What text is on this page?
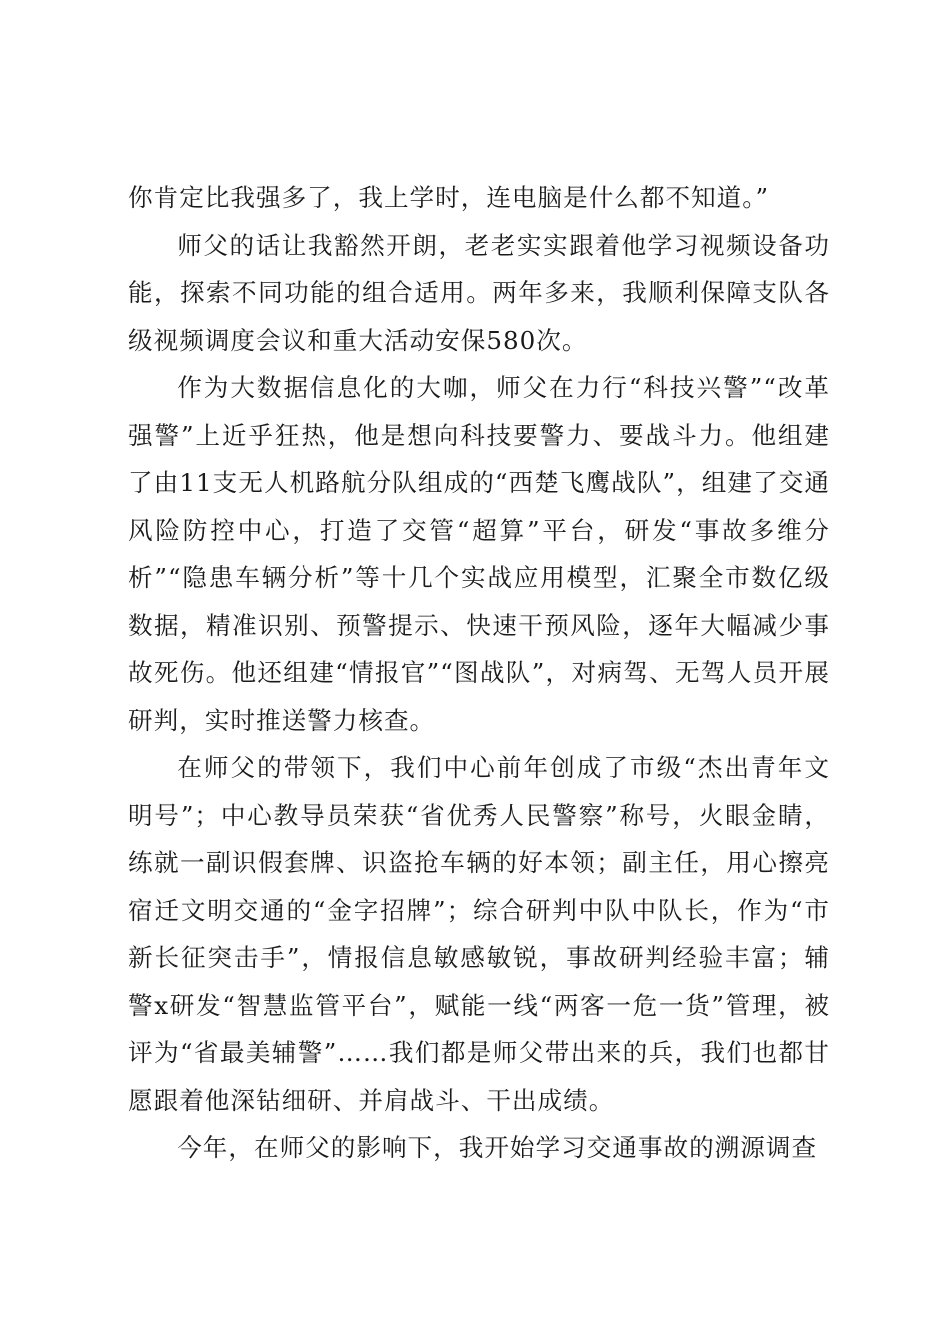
你肯定比我强多了，我上学时，连电脑是什么都不知道。”

师父的话让我豁然开朗，老老实实跟着他学习视频设备功能，探索不同功能的组合适用。两年多来，我顺利保障支队各级视频调度会议和重大活动安保580次。

作为大数据信息化的大咖，师父在力行“科技兴警”“改革强警”上近乎狂热，他是想向科技要警力、要战斗力。他组建了由11支无人机路航分队组成的“西楚飞鹰战队”，组建了交通风险防控中心，打造了交管“超算”平台，研发“事故多维分析”“隐患车辆分析”等十几个实战应用模型，汇聚全市数亿级数据，精准识别、预警提示、快速干预风险，逐年大幅减少事故死伤。他还组建“情报官”“图战队”，对病驾、无驾人员开展研判，实时推送警力核查。

在师父的带领下，我们中心前年创成了市级“杰出青年文明号”；中心教导员荣获“省优秀人民警察”称号，火眼金睛，练就一副识假套牌、识盗抢车辆的好本领；副主任，用心擦亮宿迁文明交通的“金字招牌”；综合研判中队中队长，作为“市新长征突击手”，情报信息敏感敏锐，事故研判经验丰富；辅警x研发“智慧监管平台”，赋能一线“两客一危一货”管理，被评为“省最美辅警”……我们都是师父带出来的兵，我们也都甘愿跟着他深钻细研、并肩战斗、干出成绩。

今年，在师父的影响下，我开始学习交通事故的溯源调查
